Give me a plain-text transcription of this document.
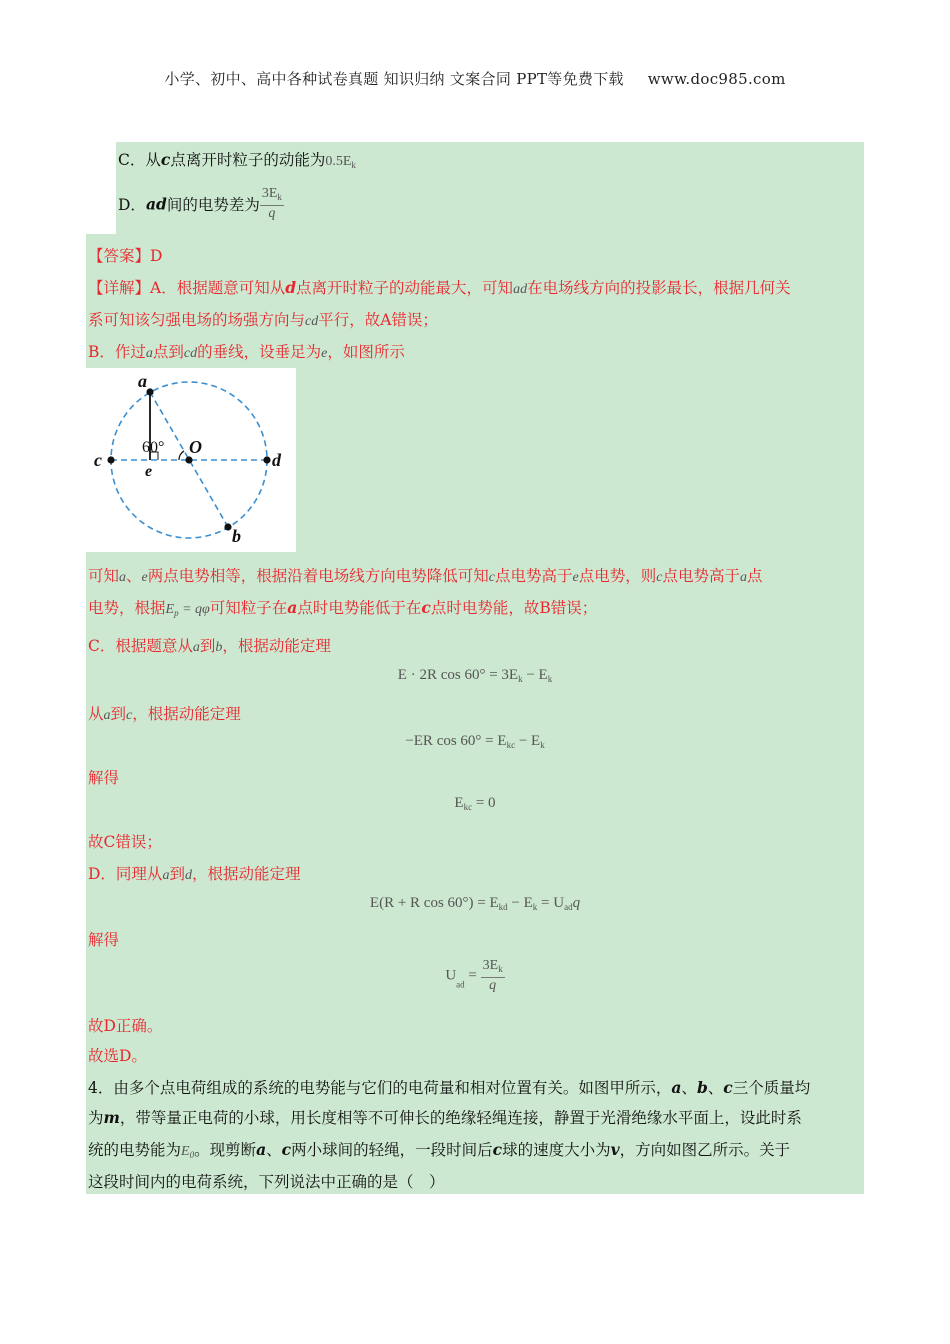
小学、初中、高中各种试卷真题 知识归纳 文案合同 PPT等免费下载 www.doc985.com
C．从c点离开时粒子的动能为$0.5E_k$
D．ad间的电势差为 $\frac{3E_k}{q}$
【答案】D
【详解】A．根据题意可知从d点离开时粒子的动能最大，可知ad在电场线方向的投影最长，根据几何关
系可知该匀强电场的场强方向与cd平行，故A错误；
B．作过a点到cd的垂线，设垂足为e，如图所示
a
b
c	d
e
O
60°
可知a、e两点电势相等，根据沿着电场线方向电势降低可知c点电势高于e点电势，则c点电势高于a点
电势，根据$E_p = q\varphi$可知粒子在a点时电势能低于在c点时电势能，故B错误；
C．根据题意从a到b，根据动能定理
E · 2R $\cos 60^\circ = 3E_k - E_k$
从a到c，根据动能定理
−ER $\cos 60^\circ = E_{kc} - E_k$
解得
$E_{kc} = 0$
故C错误；
D．同理从a到d，根据动能定理
E(R + R $\cos 60^\circ) = E_{kd} - E_k = U_{ad}q$
解得
$U_{ad} = \frac{3E_k}{q}$
故D正确。
故选D。
4．由多个点电荷组成的系统的电势能与它们的电荷量和相对位置有关。如图甲所示，a、b、c三个质量均
为m，带等量正电荷的小球，用长度相等不可伸长的绝缘轻绳连接，静置于光滑绝缘水平面上，设此时系
统的电势能为$E_0$。现剪断a、c两小球间的轻绳，一段时间后c球的速度大小为v，方向如图乙所示。关于
这段时间内的电荷系统，下列说法中正确的是（　）
